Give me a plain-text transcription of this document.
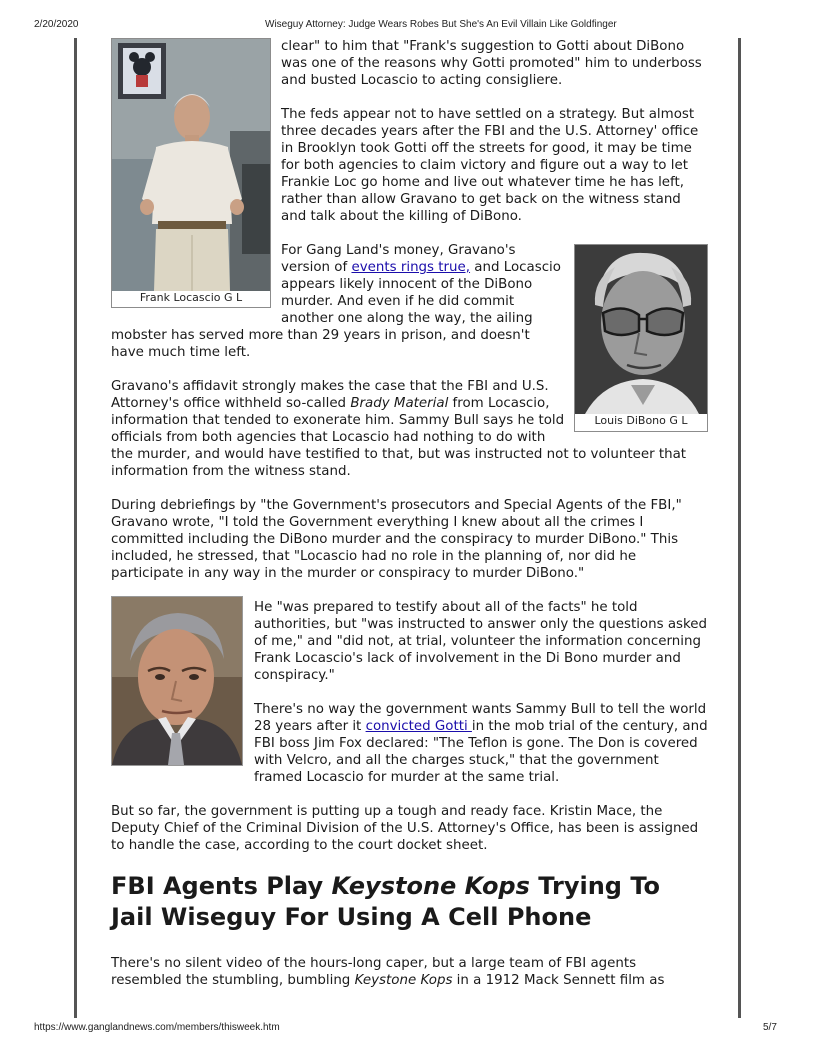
2/20/2020	Wiseguy Attorney: Judge Wears Robes But She's An Evil Villain Like Goldfinger
Frank Locascio G L

clear" to him that "Frank's suggestion to Gotti about DiBono was one of the reasons why Gotti promoted" him to underboss and busted Locascio to acting consigliere.

The feds appear not to have settled on a strategy. But almost three decades years after the FBI and the U.S. Attorney' office in Brooklyn took Gotti off the streets for good, it may be time for both agencies to claim victory and figure out a way to let Frankie Loc go home and live out whatever time he has left, rather than allow Gravano to get back on the witness stand and talk about the killing of DiBono.

Louis DiBono G L

For Gang Land's money, Gravano's version of events rings true, and Locascio appears likely innocent of the DiBono murder. And even if he did commit another one along the way, the ailing mobster has served more than 29 years in prison, and doesn't have much time left.

Gravano's affidavit strongly makes the case that the FBI and U.S. Attorney's office withheld so-called Brady Material from Locascio, information that tended to exonerate him. Sammy Bull says he told officials from both agencies that Locascio had nothing to do with the murder, and would have testified to that, but was instructed not to volunteer that information from the witness stand.

During debriefings by "the Government's prosecutors and Special Agents of the FBI," Gravano wrote, "I told the Government everything I knew about all the crimes I committed including the DiBono murder and the conspiracy to murder DiBono." This included, he stressed, that "Locascio had no role in the planning of, nor did he participate in any way in the murder or conspiracy to murder DiBono."

He "was prepared to testify about all of the facts" he told authorities, but "was instructed to answer only the questions asked of me," and "did not, at trial, volunteer the information concerning Frank Locascio's lack of involvement in the Di Bono murder and conspiracy."

There's no way the government wants Sammy Bull to tell the world 28 years after it convicted Gotti in the mob trial of the century, and FBI boss Jim Fox declared: "The Teflon is gone. The Don is covered with Velcro, and all the charges stuck," that the government framed Locascio for murder at the same trial.

But so far, the government is putting up a tough and ready face. Kristin Mace, the Deputy Chief of the Criminal Division of the U.S. Attorney's Office, has been is assigned to handle the case, according to the court docket sheet.

FBI Agents Play Keystone Kops Trying To Jail Wiseguy For Using A Cell Phone

There's no silent video of the hours-long caper, but a large team of FBI agents resembled the stumbling, bumbling Keystone Kops in a 1912 Mack Sennett film as

https://www.ganglandnews.com/members/thisweek.htm	5/7
